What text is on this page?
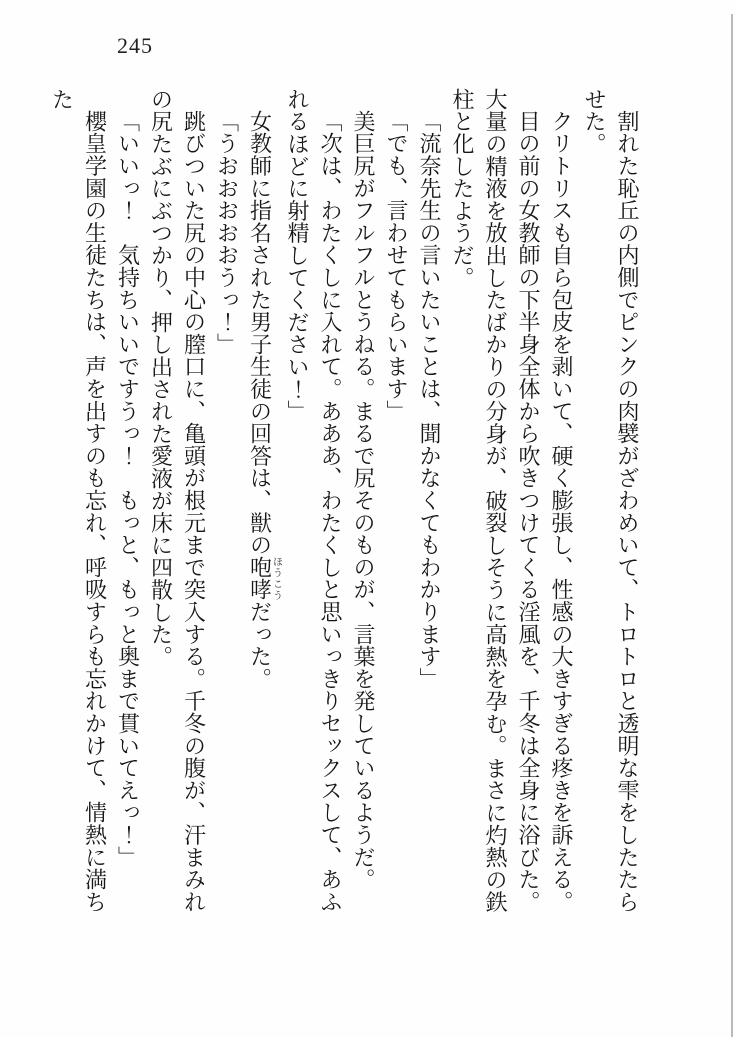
245

割れた恥丘の内側でピンクの肉襞がざわめいて、トロトロと透明な雫をしたたらせた。

クリトリスも自ら包皮を剥いて、硬く膨張し、性感の大きすぎる疼きを訴える。

目の前の女教師の下半身全体から吹きつけてくる淫風を、千冬は全身に浴びた。大量の精液を放出したばかりの分身が、破裂しそうに高熱を孕む。まさに灼熱の鉄柱と化したようだ。

「流奈先生の言いたいことは、聞かなくてもわかります」

「でも、言わせてもらいます」

美巨尻がフルフルとうねる。まるで尻そのものが、言葉を発しているようだ。

「次は、わたくしに入れて。あああ、わたくしと思いっきりセックスして、あふれるほどに射精してください！」

女教師に指名された男子生徒の回答は、獣の咆哮ほうこうだった。

「うおおおおおうっ！」

跳びついた尻の中心の膣口に、亀頭が根元まで突入する。千冬の腹が、汗まみれの尻たぶにぶつかり、押し出された愛液が床に四散した。

「いいっ！　気持ちいいですうっ！　もっと、もっと奥まで貫いてえっ！」

櫻皇学園の生徒たちは、声を出すのも忘れ、呼吸すらも忘れかけて、情熱に満ちた
